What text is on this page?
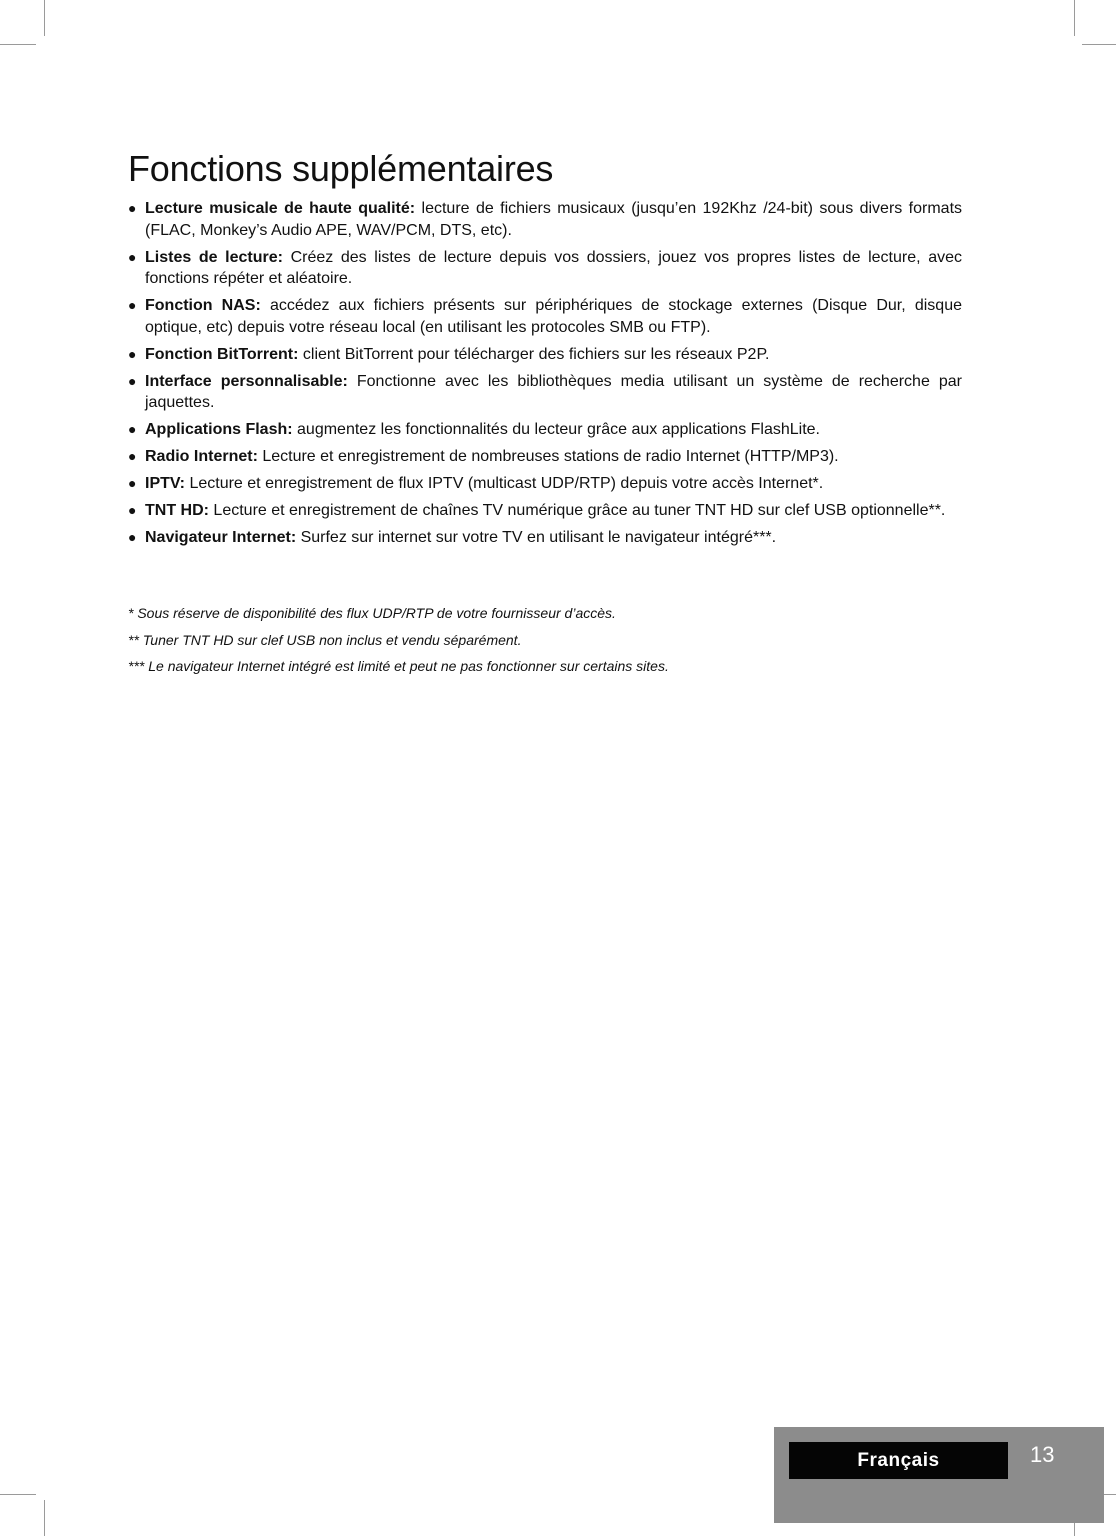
Fonctions supplémentaires
● Lecture musicale de haute qualité: lecture de fichiers musicaux (jusqu’en 192Khz /24-bit) sous divers formats (FLAC, Monkey’s Audio APE, WAV/PCM, DTS, etc).
● Listes de lecture: Créez des listes de lecture depuis vos dossiers, jouez vos propres listes de lecture, avec fonctions répéter et aléatoire.
● Fonction NAS: accédez aux fichiers présents sur périphériques de stockage externes (Disque Dur, disque optique, etc) depuis votre réseau local (en utilisant les protocoles SMB ou FTP).
● Fonction BitTorrent: client BitTorrent pour télécharger des fichiers sur les réseaux P2P.
● Interface personnalisable: Fonctionne avec les bibliothèques media utilisant un système de recherche par jaquettes.
● Applications Flash: augmentez les fonctionnalités du lecteur grâce aux applications FlashLite.
● Radio Internet: Lecture et enregistrement de nombreuses stations de radio Internet (HTTP/MP3).
● IPTV: Lecture et enregistrement de flux IPTV (multicast UDP/RTP) depuis votre accès Internet*.
● TNT HD: Lecture et enregistrement de chaînes TV numérique grâce au tuner TNT HD sur clef USB optionnelle**.
● Navigateur Internet: Surfez sur internet sur votre TV en utilisant le navigateur intégré***.

* Sous réserve de disponibilité des flux UDP/RTP de votre fournisseur d’accès.

** Tuner TNT HD sur clef USB non inclus et vendu séparément.

*** Le navigateur Internet intégré est limité et peut ne pas fonctionner sur certains sites.

Français	13
